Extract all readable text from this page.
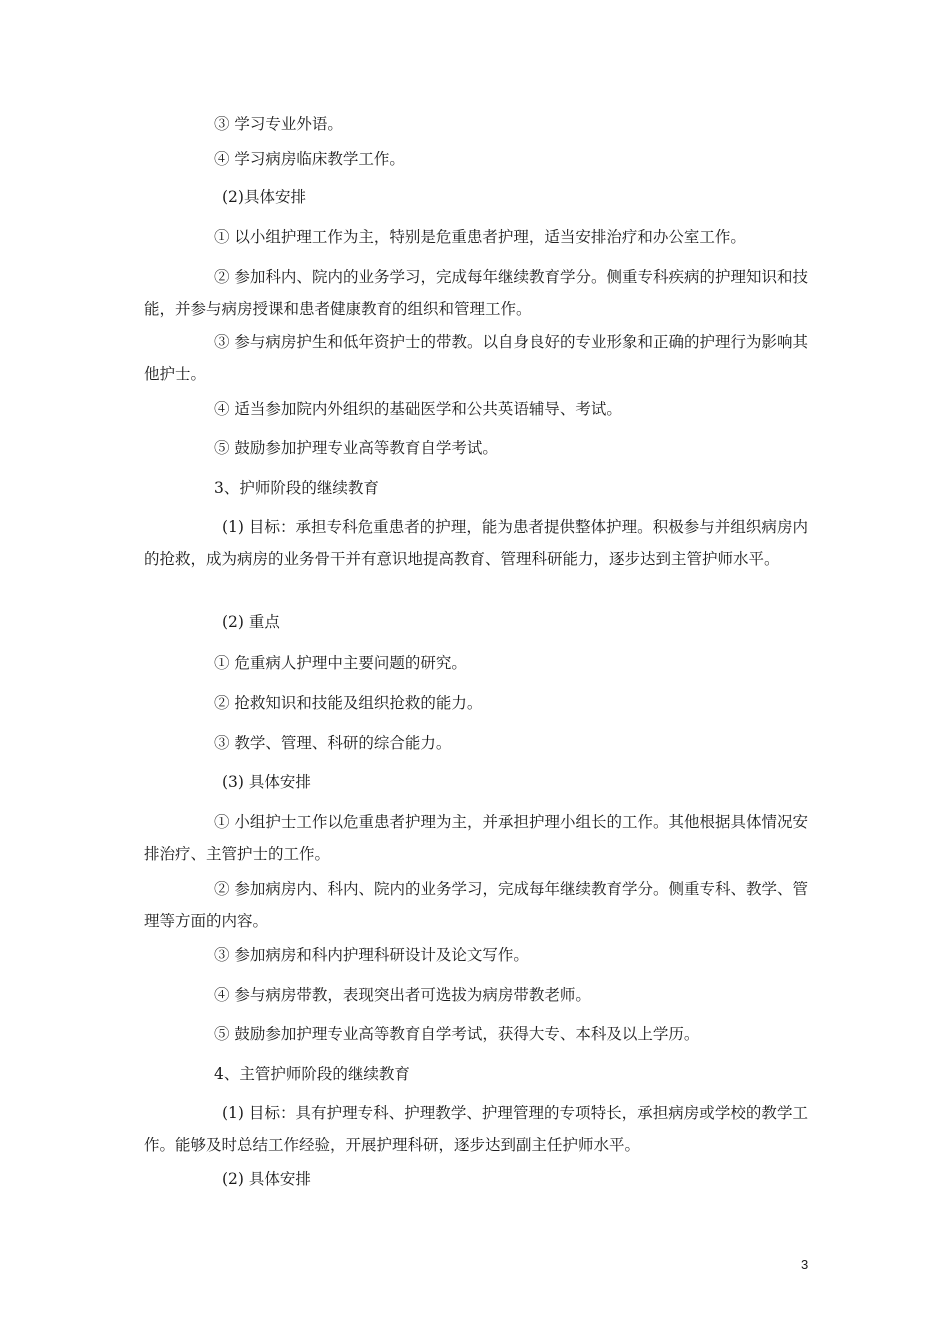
③ 学习专业外语。
④ 学习病房临床教学工作。
(2)具体安排
① 以小组护理工作为主，特别是危重患者护理，适当安排治疗和办公室工作。
② 参加科内、院内的业务学习，完成每年继续教育学分。侧重专科疾病的护理知识和技能，并参与病房授课和患者健康教育的组织和管理工作。
③ 参与病房护生和低年资护士的带教。以自身良好的专业形象和正确的护理行为影响其他护士。
④ 适当参加院内外组织的基础医学和公共英语辅导、考试。
⑤ 鼓励参加护理专业高等教育自学考试。
3、护师阶段的继续教育
(1) 目标：承担专科危重患者的护理，能为患者提供整体护理。积极参与并组织病房内的抢救，成为病房的业务骨干并有意识地提高教育、管理科研能力，逐步达到主管护师水平。
(2) 重点
① 危重病人护理中主要问题的研究。
② 抢救知识和技能及组织抢救的能力。
③ 教学、管理、科研的综合能力。
(3) 具体安排
① 小组护士工作以危重患者护理为主，并承担护理小组长的工作。其他根据具体情况安排治疗、主管护士的工作。
② 参加病房内、科内、院内的业务学习，完成每年继续教育学分。侧重专科、教学、管理等方面的内容。
③ 参加病房和科内护理科研设计及论文写作。
④ 参与病房带教，表现突出者可选拔为病房带教老师。
⑤ 鼓励参加护理专业高等教育自学考试，获得大专、本科及以上学历。
4、主管护师阶段的继续教育
(1) 目标：具有护理专科、护理教学、护理管理的专项特长，承担病房或学校的教学工作。能够及时总结工作经验，开展护理科研，逐步达到副主任护师水平。
(2) 具体安排
3
